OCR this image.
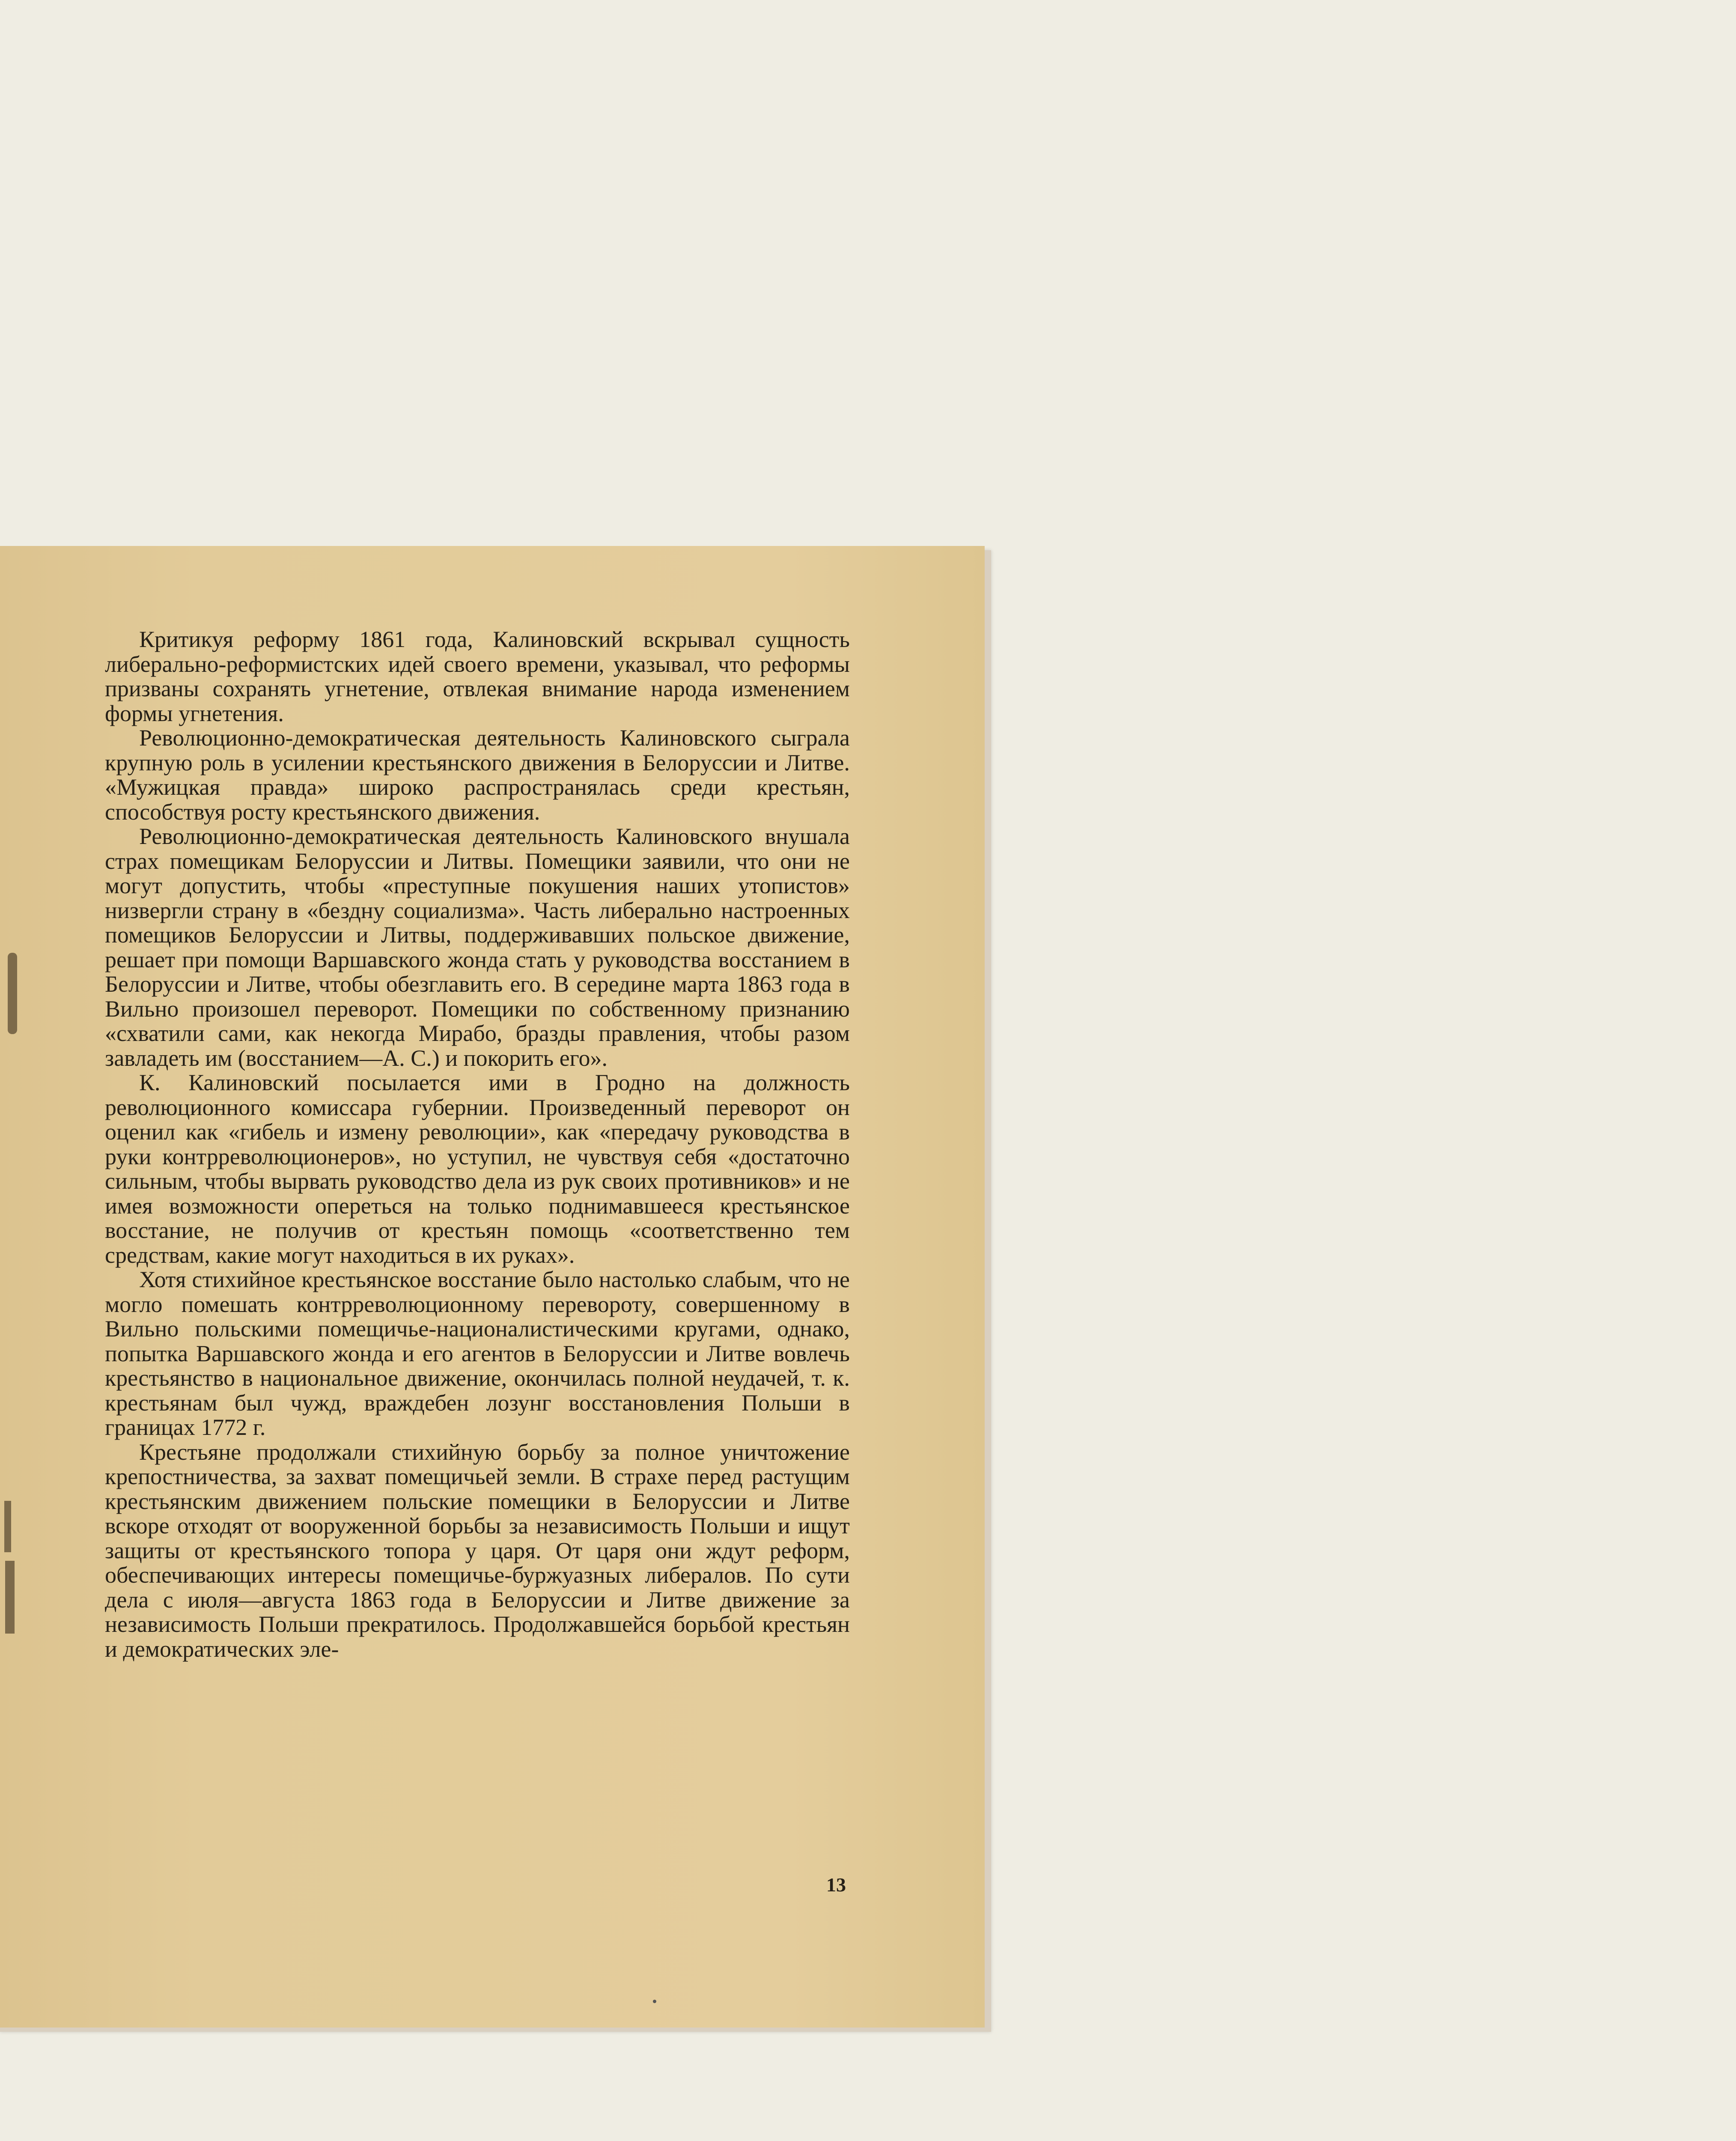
Критикуя реформу 1861 года, Калиновский вскрывал сущность либерально-реформистских идей своего времени, указывал, что реформы призваны сохранять угнетение, отвлекая внимание народа изменением формы угнетения.

Революционно-демократическая деятельность Калиновского сыграла крупную роль в усилении крестьянского движения в Белоруссии и Литве. «Мужицкая правда» широко распространялась среди крестьян, способствуя росту крестьянского движения.

Революционно-демократическая деятельность Калиновского внушала страх помещикам Белоруссии и Литвы. Помещики заявили, что они не могут допустить, чтобы «преступные покушения наших утопистов» низвергли страну в «бездну социализма». Часть либерально настроенных помещиков Белоруссии и Литвы, поддерживавших польское движение, решает при помощи Варшавского жонда стать у руководства восстанием в Белоруссии и Литве, чтобы обезглавить его. В середине марта 1863 года в Вильно произошел переворот. Помещики по собственному признанию «схватили сами, как некогда Мирабо, бразды правления, чтобы разом завладеть им (восстанием—А. С.) и покорить его».

К. Калиновский посылается ими в Гродно на должность революционного комиссара губернии. Произведенный переворот он оценил как «гибель и измену революции», как «передачу руководства в руки контрреволюционеров», но уступил, не чувствуя себя «достаточно сильным, чтобы вырвать руководство дела из рук своих противников» и не имея возможности опереться на только поднимавшееся крестьянское восстание, не получив от крестьян помощь «соответственно тем средствам, какие могут находиться в их руках».

Хотя стихийное крестьянское восстание было настолько слабым, что не могло помешать контрреволюционному перевороту, совершенному в Вильно польскими помещичье-националистическими кругами, однако, попытка Варшавского жонда и его агентов в Белоруссии и Литве вовлечь крестьянство в национальное движение, окончилась полной неудачей, т. к. крестьянам был чужд, враждебен лозунг восстановления Польши в границах 1772 г.

Крестьяне продолжали стихийную борьбу за полное уничтожение крепостничества, за захват помещичьей земли. В страхе перед растущим крестьянским движением польские помещики в Белоруссии и Литве вскоре отходят от вооруженной борьбы за независимость Польши и ищут защиты от крестьянского топора у царя. От царя они ждут реформ, обеспечивающих интересы помещичье-буржуазных либералов. По сути дела с июля—августа 1863 года в Белоруссии и Литве движение за независимость Польши прекратилось. Продолжавшейся борьбой крестьян и демократических эле-

13
